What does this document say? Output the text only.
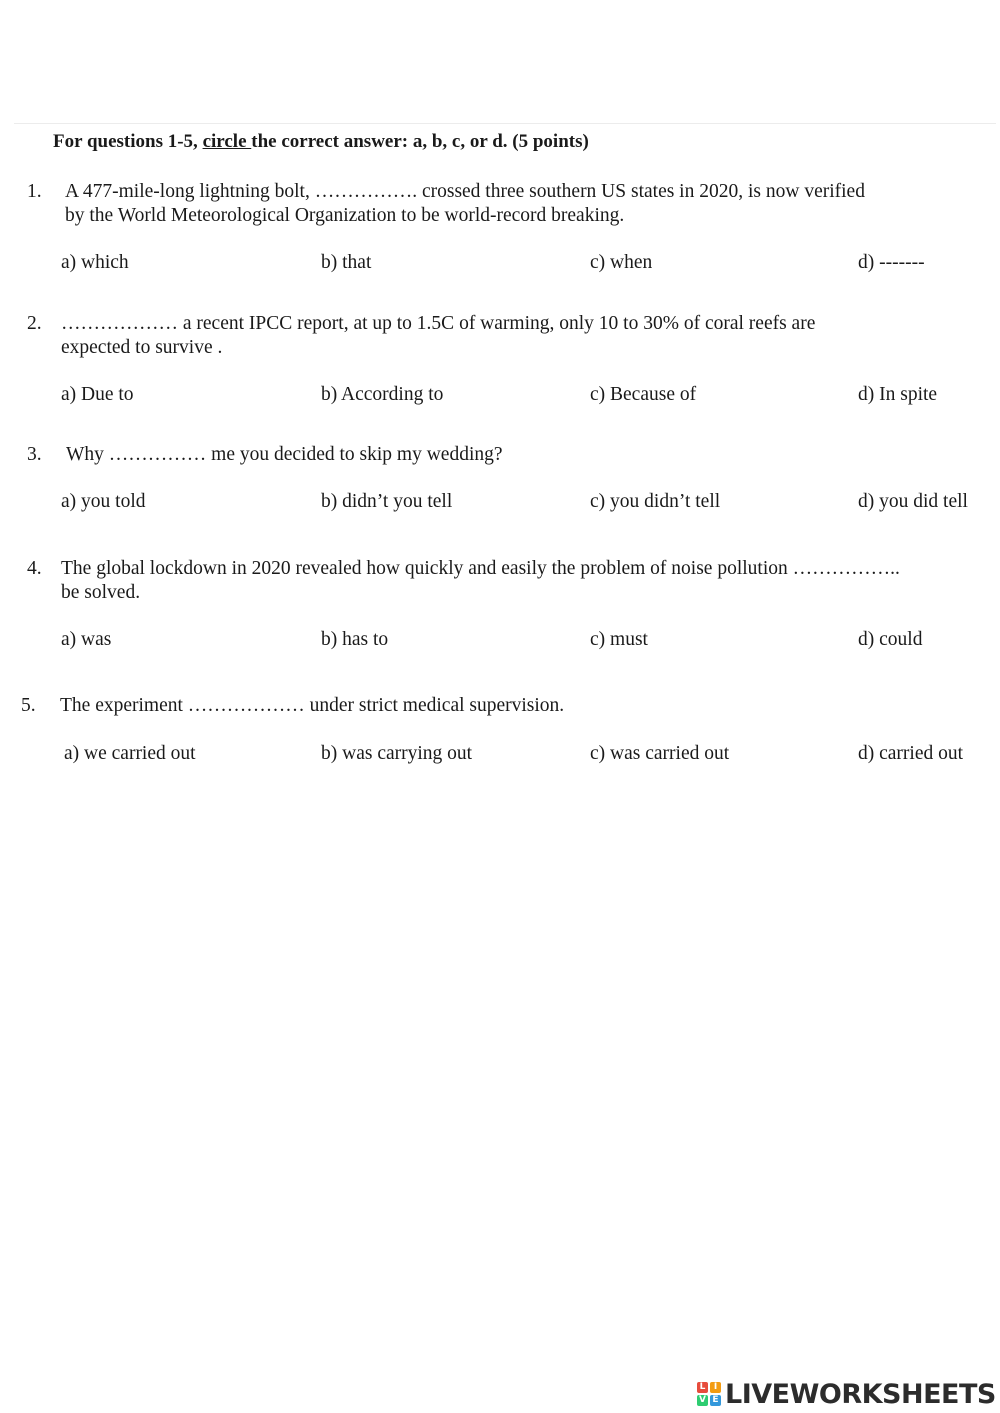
For questions 1-5, circle the correct answer: a, b, c, or d. (5 points)
1. A 477-mile-long lightning bolt, ……………. crossed three southern US states in 2020, is now verified
by the World Meteorological Organization to be world-record breaking.
a) which	b) that	c) when	d) -------
2. ……………… a recent IPCC report, at up to 1.5C of warming, only 10 to 30% of coral reefs are
expected to survive .
a) Due to	b) According to	c) Because of	d) In spite
3. Why …………… me you decided to skip my wedding?
a) you told	b) didn’t you tell	c) you didn’t tell	d) you did tell
4. The global lockdown in 2020 revealed how quickly and easily the problem of noise pollution ……………..
be solved.
a) was	b) has to	c) must	d) could
5. The experiment ……………… under strict medical supervision.
a) we carried out	b) was carrying out	c) was carried out	d) carried out
L I
V E LIVEWORKSHEETS
